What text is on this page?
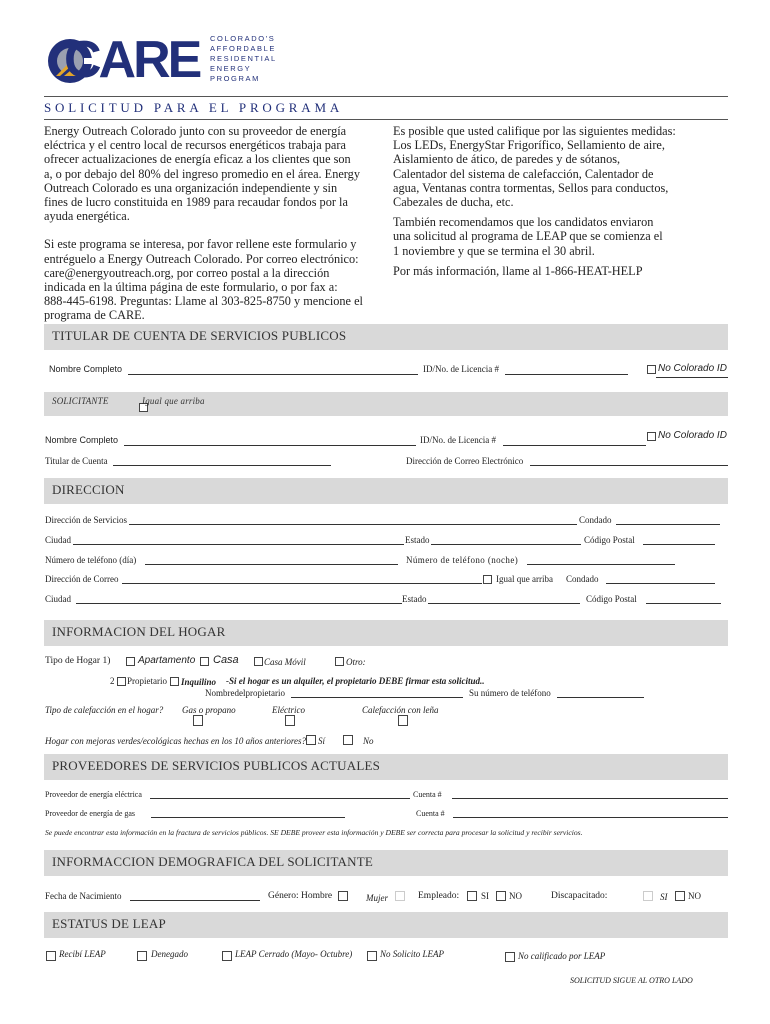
CARE COLORADO'S
AFFORDABLE
RESIDENTIAL
ENERGY
PROGRAM
SOLICITUD PARA EL PROGRAMA
Energy Outreach Colorado junto con su proveedor de energía
eléctrica y el centro local de recursos energéticos trabaja para
ofrecer actualizaciones de energía eficaz a los clientes que son
a, o por debajo del 80% del ingreso promedio en el área. Energy
Outreach Colorado es una organización independiente y sin
fines de lucro constituida en 1989 para recaudar fondos por la
ayuda energética.
Si este programa se interesa, por favor rellene este formulario y
entréguelo a Energy Outreach Colorado. Por correo electrónico:
care@energyoutreach.org, por correo postal a la dirección
indicada en la última página de este formulario, o por fax a:
888-445-6198. Preguntas: Llame al 303-825-8750 y mencione el
programa de CARE.
Es posible que usted califique por las siguientes medidas:
Los LEDs, EnergyStar Frigorífico, Sellamiento de aire,
Aislamiento de ático, de paredes y de sótanos,
Calentador del sistema de calefacción, Calentador de
agua, Ventanas contra tormentas, Sellos para conductos,
Cabezales de ducha, etc.
También recomendamos que los candidatos enviaron
una solicitud al programa de LEAP que se comienza el
1 noviembre y que se termina el 30 abril.
Por más información, llame al 1-866-HEAT-HELP
TITULAR DE CUENTA DE SERVICIOS PUBLICOS
Nombre Completo	ID/No. de Licencia #	No Colorado ID
SOLICITANTE	Igual que arriba
Nombre Completo	ID/No. de Licencia #	No Colorado ID
Titular de Cuenta	Dirección de Correo Electrónico
DIRECCION
Dirección de Servicios	Condado
Ciudad	Estado	Código Postal
Número de teléfono (día)	Número de teléfono (noche)
Dirección de Correo	Igual que arriba Condado
Ciudad	Estado	Código Postal
INFORMACION DEL HOGAR
Tipo de Hogar 1)	Apartamento Casa	Casa Móvil	Otro:
2 Propietario Inquilino -Si el hogar es un alquiler, el propietario DEBE firmar esta solicitud..
Nombredelpropietario	Su número de teléfono
Tipo de calefacción en el hogar? Gas o propano	Eléctrico	Calefacción con leña
Hogar con mejoras verdes/ecológicas hechas en los 10 años anteriores? Sí	No
PROVEEDORES DE SERVICIOS PUBLICOS ACTUALES
Proveedor de energía eléctrica	Cuenta #
Proveedor de energía de gas	Cuenta #
Se puede encontrar esta información en la fractura de servicios públicos. SE DEBE proveer esta información y DEBE ser correcta para procesar la solicitud y recibir servicios.
INFORMACCION DEMOGRAFICA DEL SOLICITANTE
Fecha de Nacimiento	Género: Hombre	Mujer	Empleado: SI NO	Discapacitado:	SI NO
ESTATUS DE LEAP
Recibí LEAP	Denegado	LEAP Cerrado (Mayo- Octubre)	No Solicito LEAP	No calificado por LEAP
SOLICITUD SIGUE AL OTRO LADO
